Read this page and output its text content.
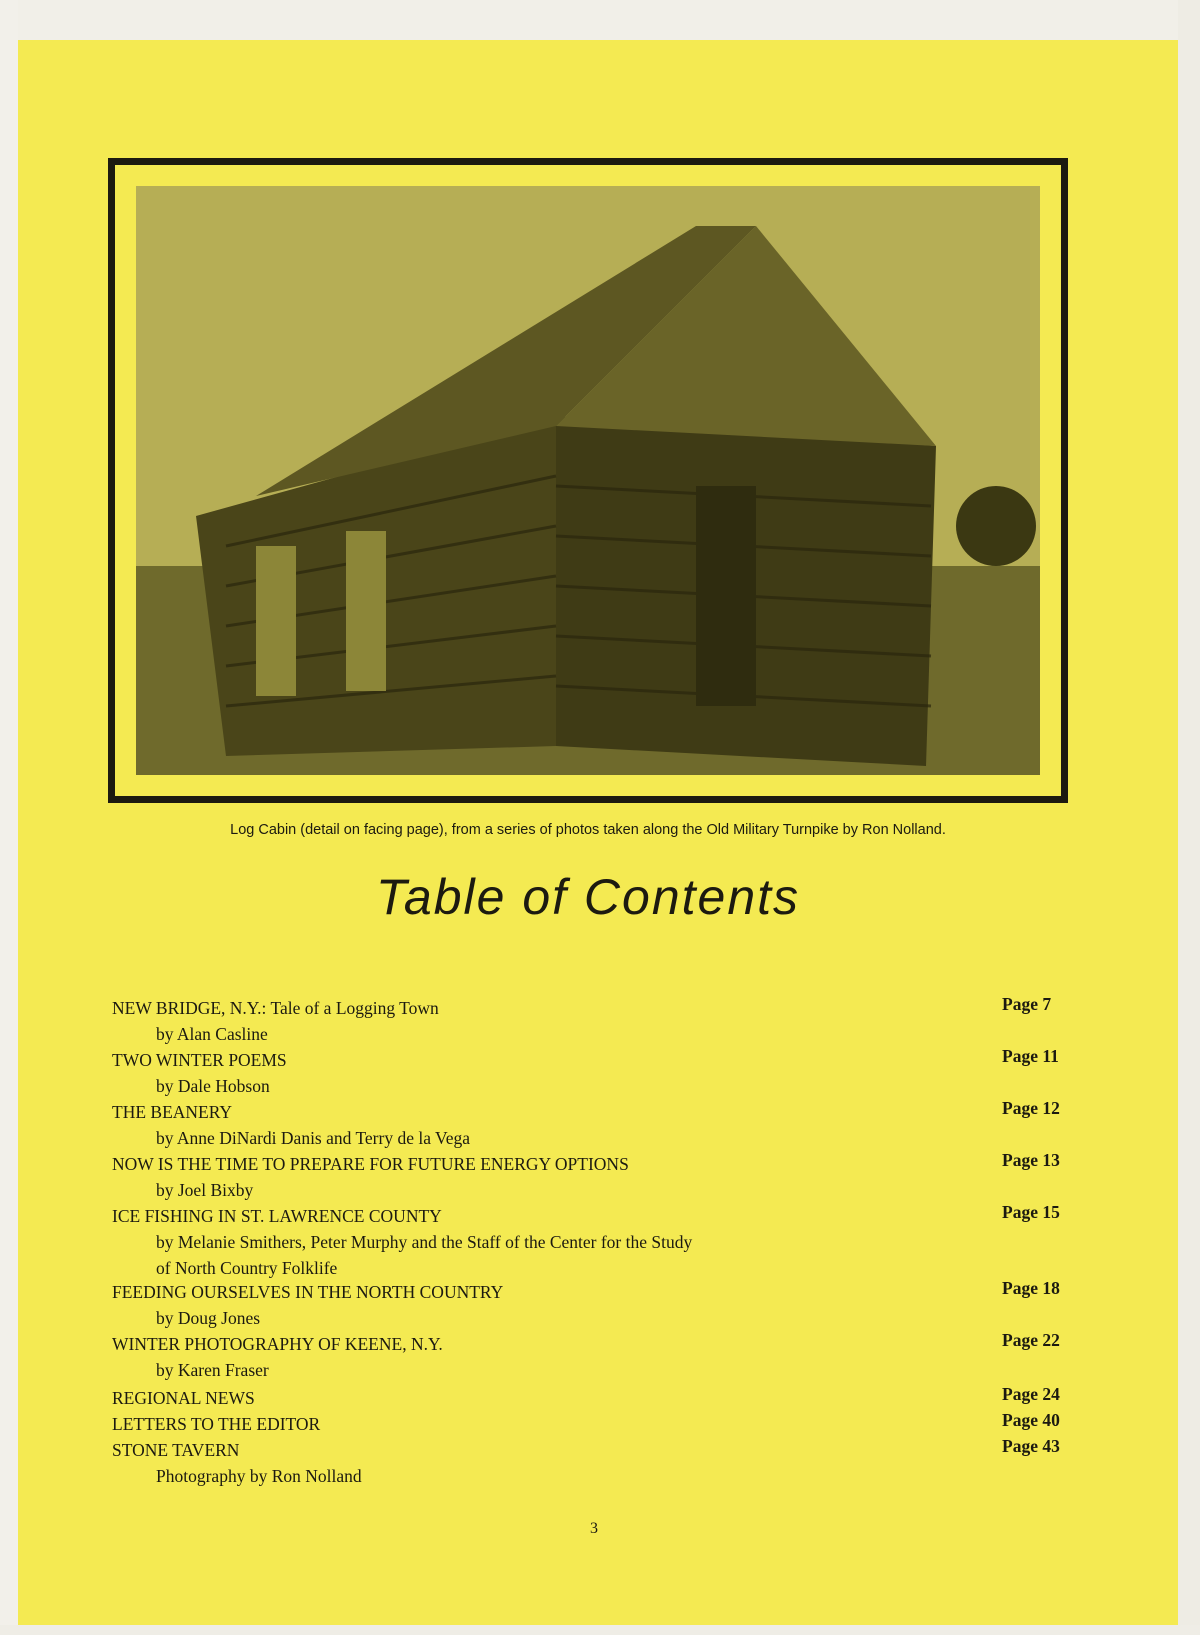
Log Cabin (detail on facing page), from a series of photos taken along the Old Military Turnpike by Ron Nolland.
Table of Contents
NEW BRIDGE, N.Y.: Tale of a Logging Town
by Alan Casline
Page 7
TWO WINTER POEMS
by Dale Hobson
Page 11
THE BEANERY
by Anne DiNardi Danis and Terry de la Vega
Page 12
NOW IS THE TIME TO PREPARE FOR FUTURE ENERGY OPTIONS
by Joel Bixby
Page 13
ICE FISHING IN ST. LAWRENCE COUNTY
by Melanie Smithers, Peter Murphy and the Staff of the Center for the Study
of North Country Folklife
Page 15
FEEDING OURSELVES IN THE NORTH COUNTRY
by Doug Jones
Page 18
WINTER PHOTOGRAPHY OF KEENE, N.Y.
by Karen Fraser
Page 22
REGIONAL NEWS	Page 24
LETTERS TO THE EDITOR	Page 40
STONE TAVERN
Photography by Ron Nolland
Page 43
3
